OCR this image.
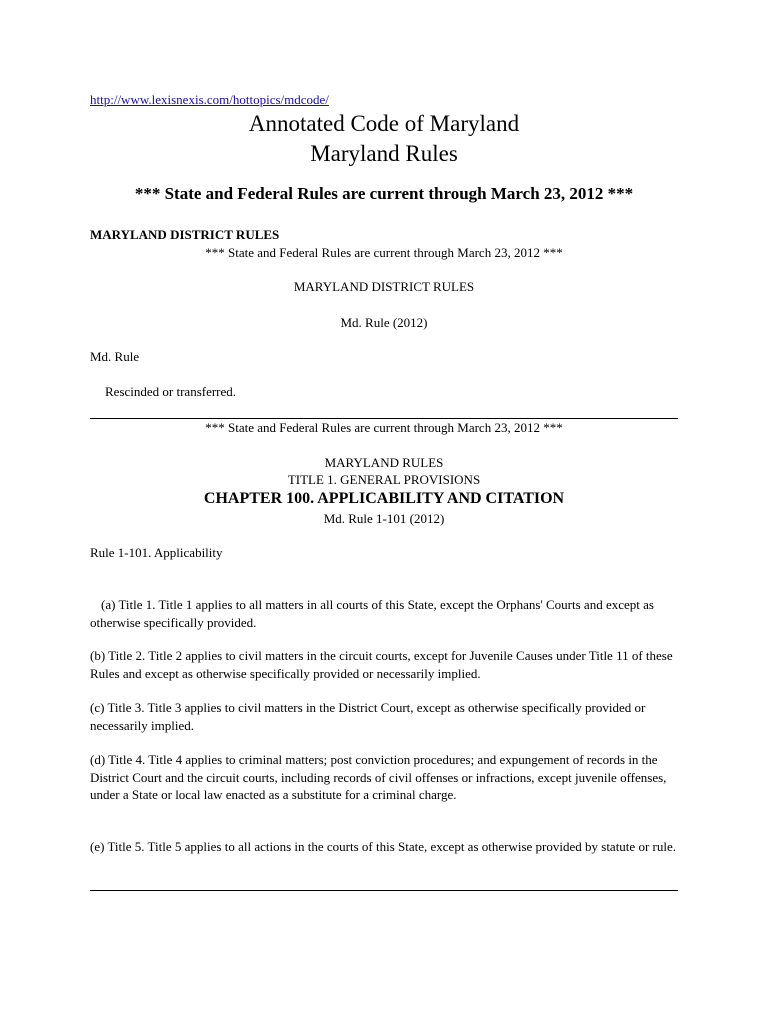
http://www.lexisnexis.com/hottopics/mdcode/
Annotated Code of Maryland
Maryland Rules
*** State and Federal Rules are current through March 23, 2012 ***
MARYLAND DISTRICT RULES
*** State and Federal Rules are current through March 23, 2012 ***
MARYLAND DISTRICT RULES
Md. Rule (2012)
Md. Rule
Rescinded or transferred.
*** State and Federal Rules are current through March 23, 2012 ***
MARYLAND RULES
TITLE 1. GENERAL PROVISIONS
CHAPTER 100. APPLICABILITY AND CITATION
Md. Rule 1-101 (2012)
Rule 1-101. Applicability

(a) Title 1. Title 1 applies to all matters in all courts of this State, except the Orphans' Courts and except as otherwise specifically provided.

(b) Title 2. Title 2 applies to civil matters in the circuit courts, except for Juvenile Causes under Title 11 of these Rules and except as otherwise specifically provided or necessarily implied.

(c) Title 3. Title 3 applies to civil matters in the District Court, except as otherwise specifically provided or necessarily implied.

(d) Title 4. Title 4 applies to criminal matters; post conviction procedures; and expungement of records in the District Court and the circuit courts, including records of civil offenses or infractions, except juvenile offenses, under a State or local law enacted as a substitute for a criminal charge.

(e) Title 5. Title 5 applies to all actions in the courts of this State, except as otherwise provided by statute or rule.
